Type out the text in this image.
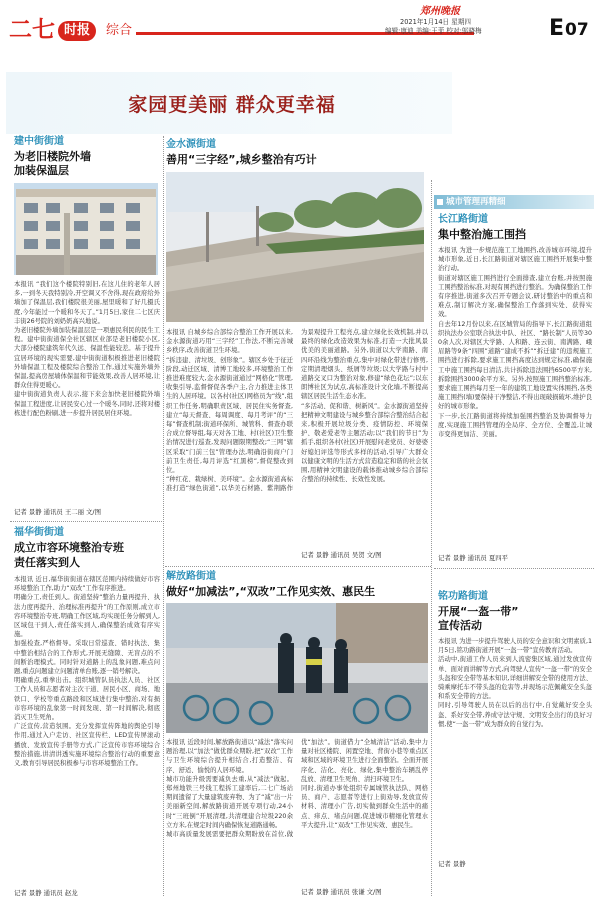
二七 时报	综合
郑州晚报
2021年1月14日 星期四
编辑:康迪 美编:王菲 校对:邬晓梅	E 07
家园更美丽 群众更幸福
建中街街道
为老旧楼院外墙
加装保温层
本报讯 “我们这个楼院特别旧,在这儿住的老年人居多,一到冬天我特别冷,开空调又不舍得,现在政府给外墙加了保温层,我们楼院很美丽,屋里暖和了好几摄氏度,今年能过一个暖和冬天了。”1月5日,家住二七区庆丰街26号院的刘奶奶高兴地说。
为老旧楼院外墙加装保温层是一项惠民利民的民生工程。建中街街道保全社区辖区业部是老旧楼院小区,大部分楼院建筑年代久远、保温性能较差。基于提升宜居环境的现实需要,建中街街道积极推进老旧楼院外墙保温工程及楼院综合整治工作,通过实施外墙外保温,提高房屋墙体保温和节能效果,改善人居环境,让群众住得更暖心。
建中街街道负责人表示,接下来会加快老旧楼院外墙保温工程进度,让居民安心过一个暖冬,同时,还将对楼栋进行配色粉刷,进一步提升居民居住环境。
记者 景静 通讯员 王二丽 文/图
福华街街道
成立市容环境整治专班
责任落实到人
本报讯 近日,福华街街道在辖区范围内持续做好市容环境整治工作,助力“双改”工作有序推进。
明确分工,责任到人。街道坚持“整治力量再提升、执法力度再提升、治理标准再提升”的工作原则,成立市容环境整治专班,明确工作区域,均实现任务分解到人,区域包干到人,责任落实到人,确保整治成效有序实施。
加强检查,严格督导。采取日常巡查、错时执法、集中整治相结合的工作形式,开展无缝隙、无盲点的不间断治理模式。同时针对道路上的乱象问题,难点问题,重点问题建立问题清单台账,逐一销号解决。
明确重点,重拳出击。组织城管队员执法人员、社区工作人员和志愿者对主次干道、居民小区、商场、地铁口、学校等重点路段和区域进行集中整治,对有损市容环境的乱象第一时间发现、第一时间解决,彻底消灭卫生死角。
广泛宣传,营造氛围。充分发挥宣传阵地的舆论引导作用,通过入户走访、社区宣传栏、LED宣传屏滚动播放、发放宣传手册等方式,广泛宣传市容环境综合整治措施,讲清讲透实施环境综合整治行动的重要意义,教育引导居民积极参与市容环境整治工作。
记者 景静 通讯员 赵龙
金水源街道
善用“三字经”,城乡整治有巧计
本报讯 自城乡综合部综合整治工作开展以来,金水源街道巧用“三字经”工作法,不断完善城乡秩序,改善街道卫生环境。
“拆违建、清垃圾、创形象”。辖区乡处于征迁阶段,动迁区域、清博工地较多,环境整治工作推进难度较大,金水源街道通过“网格化”管理,收集引导,监督督促各季户主,合力推进主体卫生的人居环境。以各村(社区)网格员为“线”,组织工作任务,明确职责区域、居民住实务督查,建立“每天督查、每周调度、每月考评”的“三每”督查机制;街道环保所、城管科、督查办联合成立督导组,每天对各工地、村(社区)卫生整治情况进行巡查,发现问题限期整改;“三网”辖区采取“门前三包”管理办法,明确沿街商户门前卫生责任,每月评选“红黑榜”,督促整改到位。
“种红花、栽绿树、美环境”。金水源街道高标准打造“绿色街道”,以华美石材路、紫荆路作为景观提升工程亮点,建立绿化长效机制,并以最终的绿化改造效果为标准,打造一大批风景优美的美丽道路。另外,街道以大学南路、南四环沿线为整治重点,集中对绿化带进行修剪,定期清理烟头、纸屑等垃圾;以大学路与村中道路交叉口为整治对象,修建“绿色花坛”;以东朗博社区为试点,高标准设计文化墙,不断提高辖区居民生活生态水准。
“多活动、促和谐、树新风”。金水源街道坚持把精神文明建设与城乡整合部综合整治结合起来,积极开展垃圾分类、疫情防控、环境保护、敬老爱老等主题活动;以“我们的节日”为抓手,组织各村(社区)开展慰问老党员、好婆婆好媳妇评选等形式多样的活动,引导广大群众以健康文明的生活方式营造稳定和谐的社会氛围,用精神文明建设的载体推动城乡综合部综合整治的持续性、长效性发展。
记者 景静 通讯员 吴贺 文/图
解放路街道
做好“加减法”,“双改”工作见实效、惠民生
本报讯 近段时间,解放路街道以“减法”落实问题治理,以“加法”做优群众期盼,把“双改”工作与卫生环境综合提升相结合,打造整洁、有序、舒适、愉悦的人居环境。
城市功能升级需要减负去重,从“减法”做起。郑州地铁三号线工程拆工建率后,二七广场站期间遗留了大量建筑废弃物、为了“减”出一片美丽新空间,解放路街道开展专项行动,24小时“三班倒”开展清理,共清理建合垃圾220余立方米,在规定时间内确保恢复道路通畅。
城市高质量发展需要把群众期盼放在首位,做优“加法”。街道借力“全城清洁”活动,集中力量对社区楼院、闲置空地、背街小巷等重点区域和区域的环境卫生进行全面整治。全面开展序化、洁化、亮化、绿化,集中整治车辆乱停乱放、清理卫生死角、清扫环境卫生。
同时,街道办事处组织专属城管执法队、网格员、商户、志愿者等进行上街劝导,发放宣传材料、清理小广告,切实做到群众生活中的痛点、痒点、堵点问题,促进城市精细化管理水平大提升,让“双改”工作见实效、惠民生。
记者 景静 通讯员 张谦 文/图
城市管理再精细
长江路街道
集中整治施工围挡
本报讯 为进一步规范施工工地围挡,改善城市环境,提升城市形象,近日,长江路街道对辖区施工围挡开展集中整治行动。
街道对辖区施工围挡进行全面排查,建立台账,并按照施工围挡整治标准,对现有围挡进行整治。为确保整治工作有序推进,街道多次召开专题会议,研讨整治中的重点和难点,制订解决方案,确保整治工作落到实处、获得实效。
自去年12月份以来,在区城管局的指导下,长江路街道组织执法办公室联合执法中队、社区、“路长制”人员等300余人次,对辖区大学路、人和路、连云街、南满路、峨眉路等9条“四围”道路“建成不拆”“拆迁建”的违规施工围挡进行拆除,要求施工围挡高度达到规定标准,确保施工中施工围挡每日清洁,共计拆除违法围挡6500平方米,拆除围挡3000余平方米。另外,按照施工围挡整治标准,要求施工围挡每月至一年的建筑工地设置实体围挡,各类施工围挡(墙)要保持干净整洁,不得出现破损破坏,维护良好的城市形象。
下一步,长江路街道将持续加强围挡整治及协调督导力度,实现施工围挡管理的全局序、全方位、全覆盖,让城市变得更加洁、美丽。
记者 景静 通讯员 夏四平
铭功路街道
开展“一盔一带”
宣传活动
本报讯 为进一步提升驾驶人员的安全意识和文明素质,1月5日,铭功路街道开展“一盔一带”宣传教育活动。
活动中,街道工作人员来到人流密集区域,通过发放宣传单、面对面讲解等方式,向驾驶人宣传“一盔一带”的安全头盔和安全带等基本知识,详细讲解安全带的使用方法、骑乘摩托车不带头盔的危害等,并现场示范佩戴安全头盔和系安全带的方法。
同时,引导驾驶人员在以后的出行中,自觉戴好安全头盔、系好安全带,养成守法守规、文明安全出行的良好习惯,使“一盔一带”成为群众的自觉行为。
记者 景静
